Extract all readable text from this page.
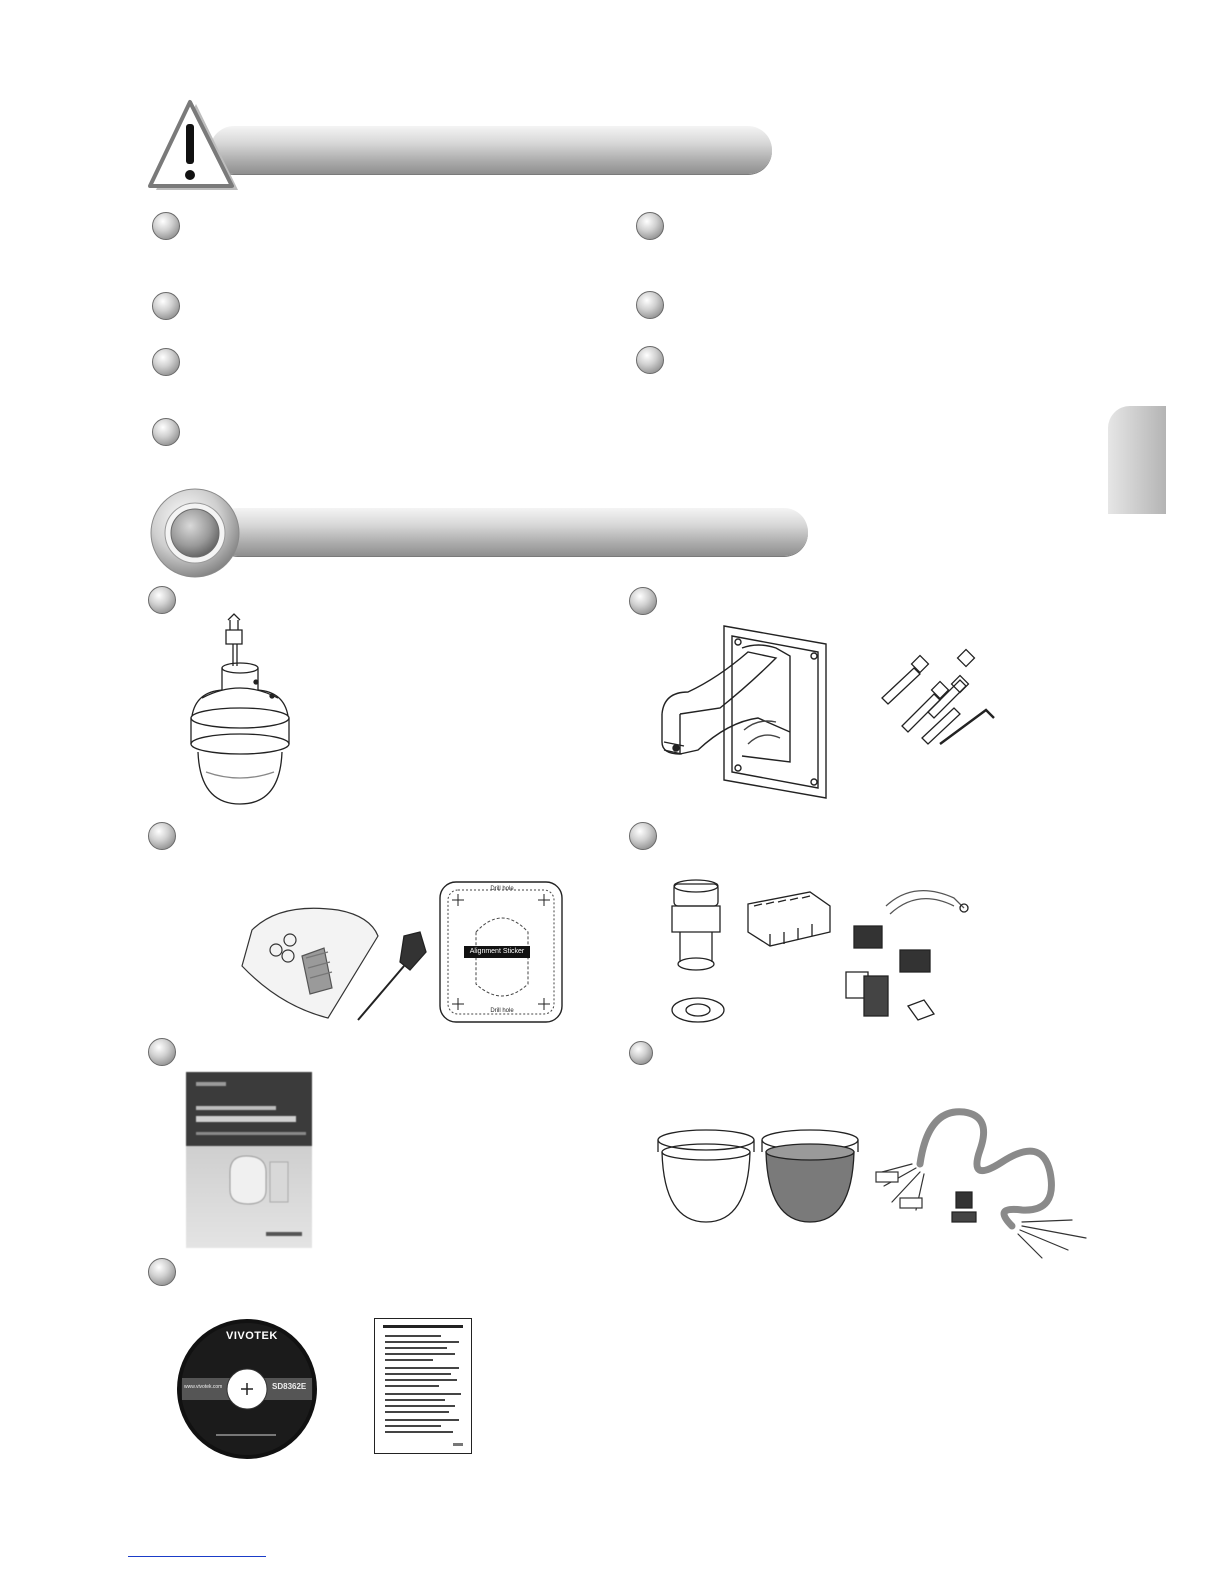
Alignment Sticker
Drill hole
Drill hole
VIVOTEK
www.vivotek.com	SD8362E
